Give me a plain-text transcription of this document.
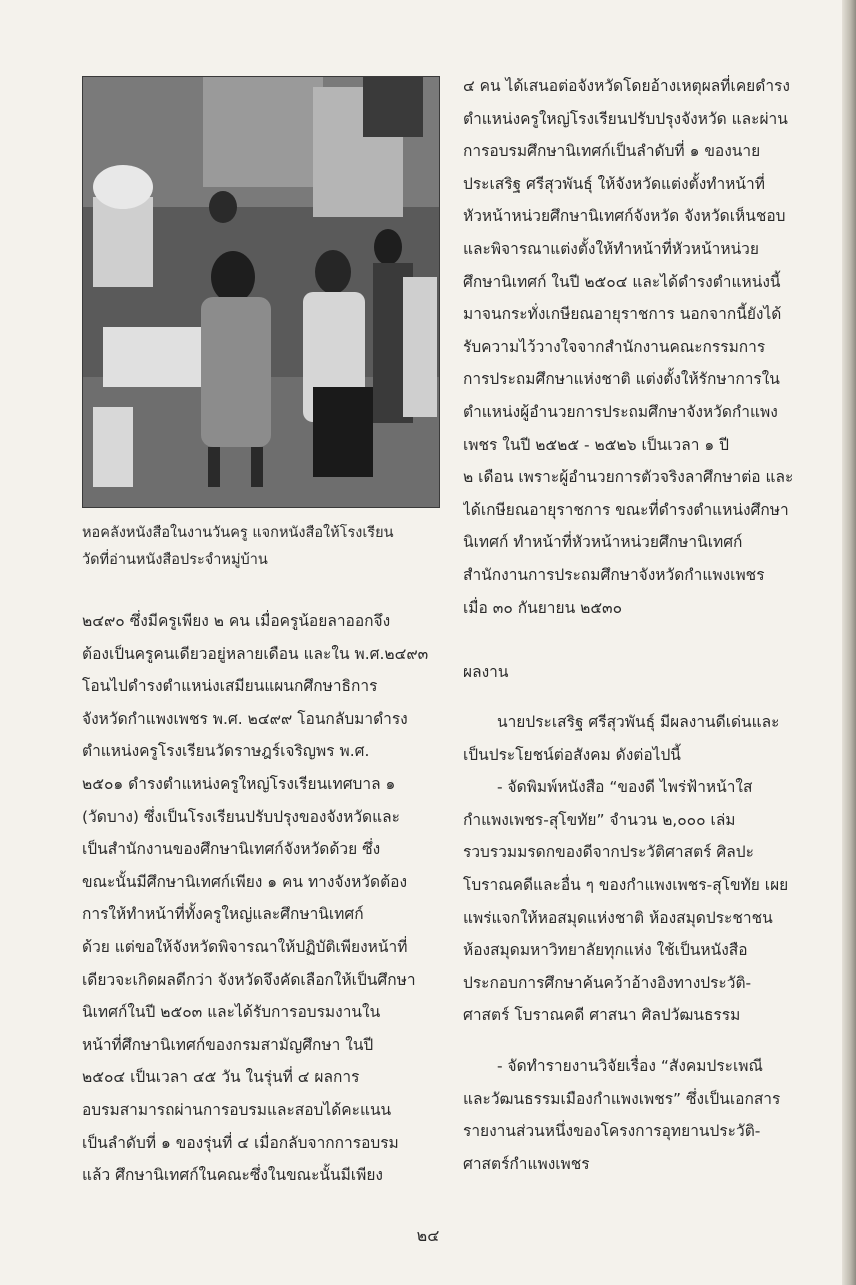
หอคลังหนังสือในงานวันครู แจกหนังสือให้โรงเรียน
วัดที่อ่านหนังสือประจำหมู่บ้าน
๒๔๙๐ ซึ่งมีครูเพียง ๒ คน เมื่อครูน้อยลาออกจึง
ต้องเป็นครูคนเดียวอยู่หลายเดือน และใน พ.ศ.๒๔๙๓
โอนไปดำรงตำแหน่งเสมียนแผนกศึกษาธิการ
จังหวัดกำแพงเพชร พ.ศ. ๒๔๙๙ โอนกลับมาดำรง
ตำแหน่งครูโรงเรียนวัดราษฎร์เจริญพร พ.ศ.
๒๕๐๑ ดำรงตำแหน่งครูใหญ่โรงเรียนเทศบาล ๑
(วัดบาง) ซึ่งเป็นโรงเรียนปรับปรุงของจังหวัดและ
เป็นสำนักงานของศึกษานิเทศก์จังหวัดด้วย ซึ่ง
ขณะนั้นมีศึกษานิเทศก์เพียง ๑ คน ทางจังหวัดต้อง
การให้ทำหน้าที่ทั้งครูใหญ่และศึกษานิเทศก์
ด้วย แต่ขอให้จังหวัดพิจารณาให้ปฏิบัติเพียงหน้าที่
เดียวจะเกิดผลดีกว่า จังหวัดจึงคัดเลือกให้เป็นศึกษา
นิเทศก์ในปี ๒๕๐๓ และได้รับการอบรมงานใน
หน้าที่ศึกษานิเทศก์ของกรมสามัญศึกษา ในปี
๒๕๐๔ เป็นเวลา ๔๕ วัน ในรุ่นที่ ๔ ผลการ
อบรมสามารถผ่านการอบรมและสอบได้คะแนน
เป็นลำดับที่ ๑ ของรุ่นที่ ๔ เมื่อกลับจากการอบรม
แล้ว ศึกษานิเทศก์ในคณะซึ่งในขณะนั้นมีเพียง
๔ คน ได้เสนอต่อจังหวัดโดยอ้างเหตุผลที่เคยดำรง
ตำแหน่งครูใหญ่โรงเรียนปรับปรุงจังหวัด และผ่าน
การอบรมศึกษานิเทศก์เป็นลำดับที่ ๑ ของนาย
ประเสริฐ ศรีสุวพันธุ์ ให้จังหวัดแต่งตั้งทำหน้าที่
หัวหน้าหน่วยศึกษานิเทศก์จังหวัด จังหวัดเห็นชอบ
และพิจารณาแต่งตั้งให้ทำหน้าที่หัวหน้าหน่วย
ศึกษานิเทศก์ ในปี ๒๕๐๔ และได้ดำรงตำแหน่งนี้
มาจนกระทั่งเกษียณอายุราชการ นอกจากนี้ยังได้
รับความไว้วางใจจากสำนักงานคณะกรรมการ
การประถมศึกษาแห่งชาติ แต่งตั้งให้รักษาการใน
ตำแหน่งผู้อำนวยการประถมศึกษาจังหวัดกำแพง
เพชร ในปี ๒๕๒๕ - ๒๕๒๖ เป็นเวลา ๑ ปี
๒ เดือน เพราะผู้อำนวยการตัวจริงลาศึกษาต่อ และ
ได้เกษียณอายุราชการ ขณะที่ดำรงตำแหน่งศึกษา
นิเทศก์ ทำหน้าที่หัวหน้าหน่วยศึกษานิเทศก์
สำนักงานการประถมศึกษาจังหวัดกำแพงเพชร
เมื่อ ๓๐ กันยายน ๒๕๓๐
ผลงาน
นายประเสริฐ ศรีสุวพันธุ์ มีผลงานดีเด่นและ
เป็นประโยชน์ต่อสังคม ดังต่อไปนี้
- จัดพิมพ์หนังสือ “ของดี ไพร่ฟ้าหน้าใส
กำแพงเพชร-สุโขทัย” จำนวน ๒,๐๐๐ เล่ม
รวบรวมมรดกของดีจากประวัติศาสตร์ ศิลปะ
โบราณคดีและอื่น ๆ ของกำแพงเพชร-สุโขทัย เผย
แพร่แจกให้หอสมุดแห่งชาติ ห้องสมุดประชาชน
ห้องสมุดมหาวิทยาลัยทุกแห่ง ใช้เป็นหนังสือ
ประกอบการศึกษาค้นคว้าอ้างอิงทางประวัติ-
ศาสตร์ โบราณคดี ศาสนา ศิลปวัฒนธรรม
- จัดทำรายงานวิจัยเรื่อง “สังคมประเพณี
และวัฒนธรรมเมืองกำแพงเพชร” ซึ่งเป็นเอกสาร
รายงานส่วนหนึ่งของโครงการอุทยานประวัติ-
ศาสตร์กำแพงเพชร
๒๔
